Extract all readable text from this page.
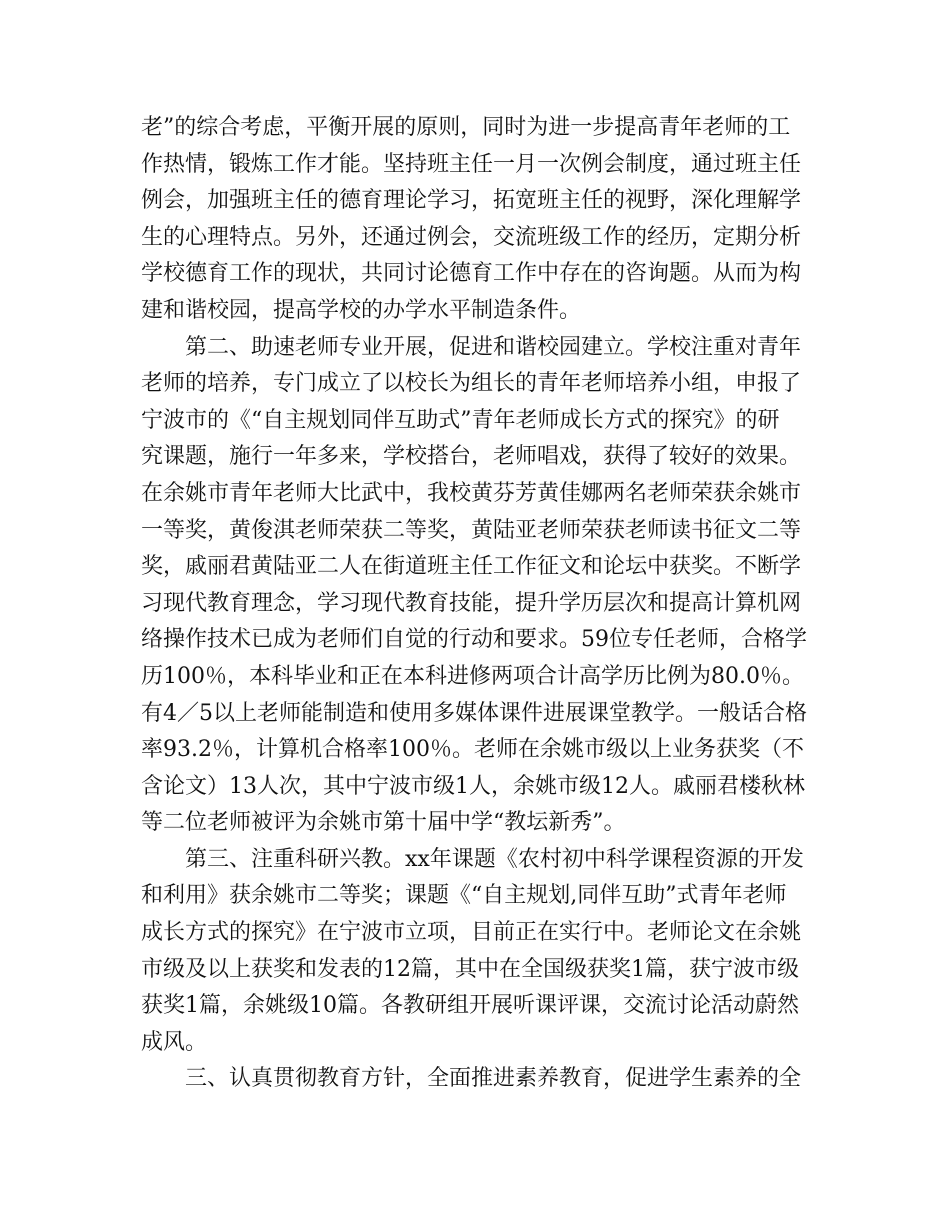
老”的综合考虑，平衡开展的原则，同时为进一步提高青年老师的工
作热情，锻炼工作才能。坚持班主任一月一次例会制度，通过班主任
例会，加强班主任的德育理论学习，拓宽班主任的视野，深化理解学
生的心理特点。另外，还通过例会，交流班级工作的经历，定期分析
学校德育工作的现状，共同讨论德育工作中存在的咨询题。从而为构
建和谐校园，提高学校的办学水平制造条件。
　　第二、助速老师专业开展，促进和谐校园建立。学校注重对青年
老师的培养，专门成立了以校长为组长的青年老师培养小组，申报了
宁波市的《“自主规划同伴互助式”青年老师成长方式的探究》的研
究课题，施行一年多来，学校搭台，老师唱戏，获得了较好的效果。
在余姚市青年老师大比武中，我校黄芬芳黄佳娜两名老师荣获余姚市
一等奖，黄俊淇老师荣获二等奖，黄陆亚老师荣获老师读书征文二等
奖，戚丽君黄陆亚二人在街道班主任工作征文和论坛中获奖。不断学
习现代教育理念，学习现代教育技能，提升学历层次和提高计算机网
络操作技术已成为老师们自觉的行动和要求。59位专任老师，合格学
历100％，本科毕业和正在本科进修两项合计高学历比例为80.0％。
有4／5以上老师能制造和使用多媒体课件进展课堂教学。一般话合格
率93.2％，计算机合格率100％。老师在余姚市级以上业务获奖（不
含论文）13人次，其中宁波市级1人，余姚市级12人。戚丽君楼秋林
等二位老师被评为余姚市第十届中学“教坛新秀”。
　　第三、注重科研兴教。xx年课题《农村初中科学课程资源的开发
和利用》获余姚市二等奖；课题《“自主规划,同伴互助”式青年老师
成长方式的探究》在宁波市立项，目前正在实行中。老师论文在余姚
市级及以上获奖和发表的12篇，其中在全国级获奖1篇，获宁波市级
获奖1篇，余姚级10篇。各教研组开展听课评课，交流讨论活动蔚然
成风。
　　三、认真贯彻教育方针，全面推进素养教育，促进学生素养的全
